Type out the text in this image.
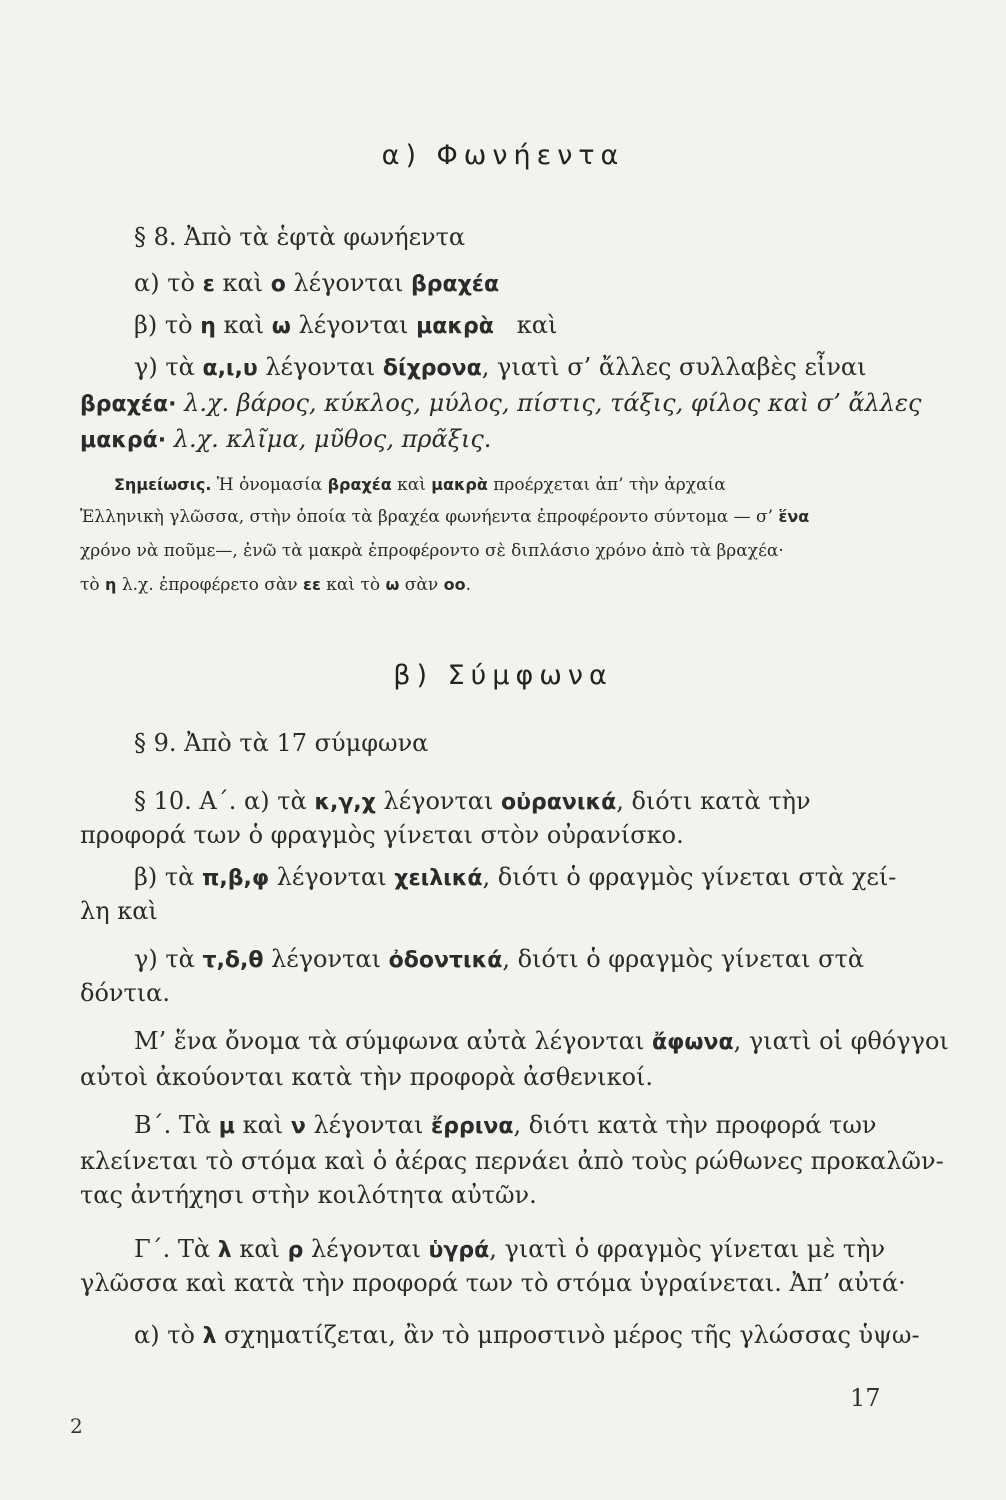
α) Φωνήεντα
§ 8. Ἀπὸ τὰ ἑφτὰ φωνήεντα
α) τὸ ε καὶ ο λέγονται βραχέα
β) τὸ η καὶ ω λέγονται μακρὰ   καὶ
γ) τὰ α,ι,υ λέγονται δίχρονα, γιατὶ σ’ ἄλλες συλλαβὲς εἶναι
βραχέα· λ.χ. βάρος, κύκλος, μύλος, πίστις, τάξις, φίλος καὶ σ’ ἄλλες
μακρά· λ.χ. κλῖμα, μῦθος, πρᾶξις.
Σημείωσις. Ἡ ὀνομασία βραχέα καὶ μακρὰ προέρχεται ἀπ’ τὴν ἀρχαία
Ἑλληνικὴ γλῶσσα, στὴν ὁποία τὰ βραχέα φωνήεντα ἐπροφέροντο σύντομα — σ’ ἕνα
χρόνο νὰ ποῦμε—, ἐνῶ τὰ μακρὰ ἐπροφέροντο σὲ διπλάσιο χρόνο ἀπὸ τὰ βραχέα·
τὸ η λ.χ. ἐπροφέρετο σὰν εε καὶ τὸ ω σὰν οο.
β) Σύμφωνα
§ 9. Ἀπὸ τὰ 17 σύμφωνα
§ 10. Α΄. α) τὰ κ,γ,χ λέγονται οὐρανικά, διότι κατὰ τὴν
προφορά των ὁ φραγμὸς γίνεται στὸν οὐρανίσκο.
β) τὰ π,β,φ λέγονται χειλικά, διότι ὁ φραγμὸς γίνεται στὰ χεί-
λη καὶ
γ) τὰ τ,δ,θ λέγονται ὀδοντικά, διότι ὁ φραγμὸς γίνεται στὰ
δόντια.
Μ’ ἕνα ὄνομα τὰ σύμφωνα αὐτὰ λέγονται ἄφωνα, γιατὶ οἱ φθόγγοι
αὐτοὶ ἀκούονται κατὰ τὴν προφορὰ ἀσθενικοί.
Β΄. Τὰ μ καὶ ν λέγονται ἔρρινα, διότι κατὰ τὴν προφορά των
κλείνεται τὸ στόμα καὶ ὁ ἀέρας περνάει ἀπὸ τοὺς ρώθωνες προκαλῶν-
τας ἀντήχησι στὴν κοιλότητα αὐτῶν.
Γ΄. Τὰ λ καὶ ρ λέγονται ὑγρά, γιατὶ ὁ φραγμὸς γίνεται μὲ τὴν
γλῶσσα καὶ κατὰ τὴν προφορά των τὸ στόμα ὑγραίνεται. Ἀπ’ αὐτά·
α) τὸ λ σχηματίζεται, ἂν τὸ μπροστινὸ μέρος τῆς γλώσσας ὑψω-
17
2
